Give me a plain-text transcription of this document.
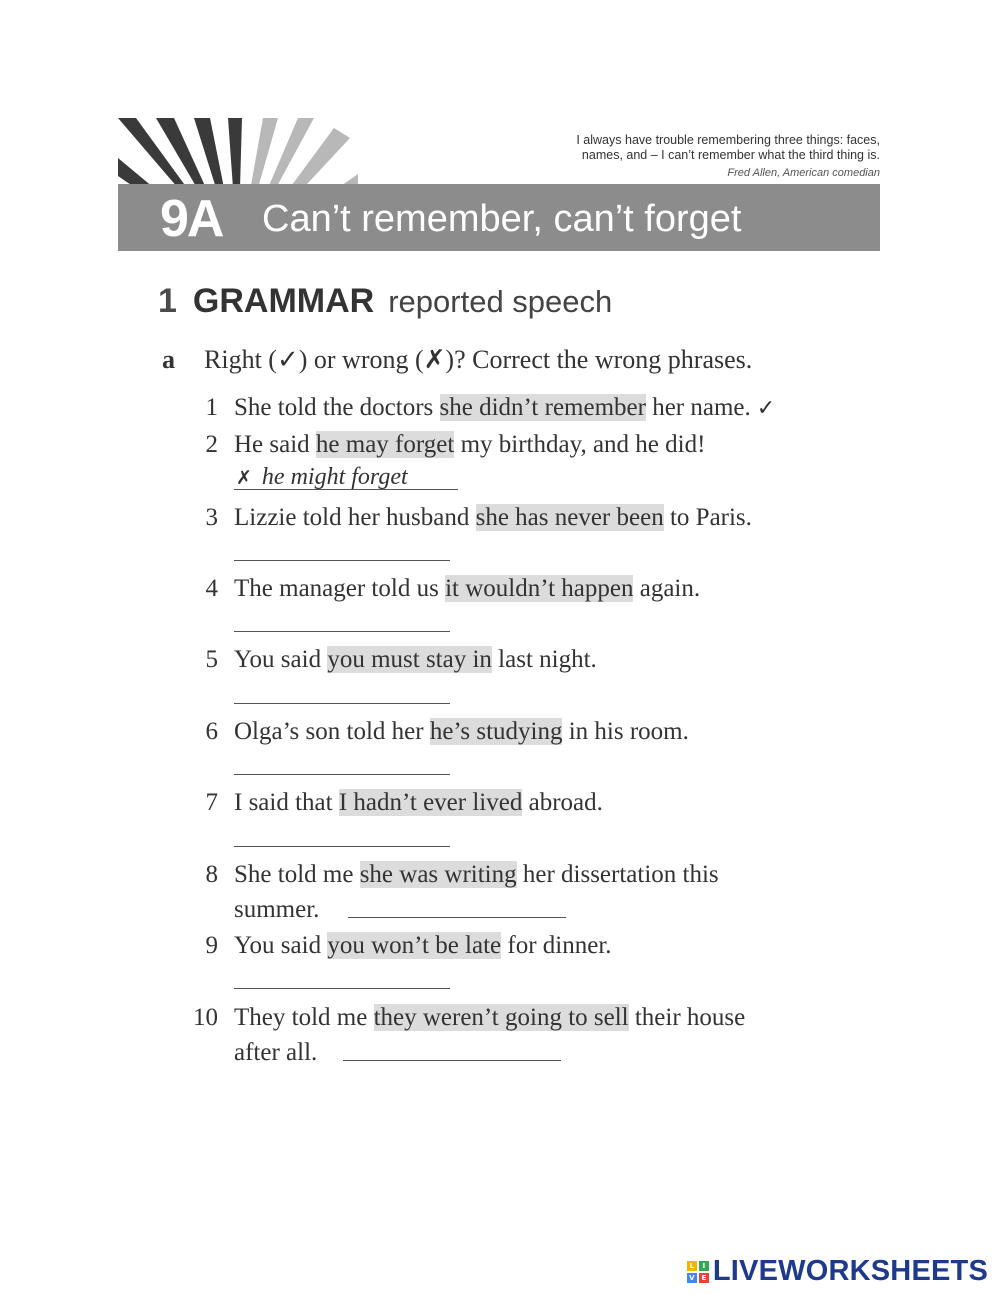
9A Can’t remember, can’t forget
I always have trouble remembering three things: faces,
names, and – I can’t remember what the third thing is.
Fred Allen, American comedian
1 GRAMMAR reported speech
a Right (✓) or wrong (✗)? Correct the wrong phrases.
1 She told the doctors she didn’t remember her name. ✓
2 He said he may forget my birthday, and he did!
✗ he might forget
3 Lizzie told her husband she has never been to Paris.
4 The manager told us it wouldn’t happen again.
5 You said you must stay in last night.
6 Olga’s son told her he’s studying in his room.
7 I said that I hadn’t ever lived abroad.
8 She told me she was writing her dissertation this
summer.
9 You said you won’t be late for dinner.
10 They told me they weren’t going to sell their house
after all.
L	I
V E LIVEWORKSHEETS
